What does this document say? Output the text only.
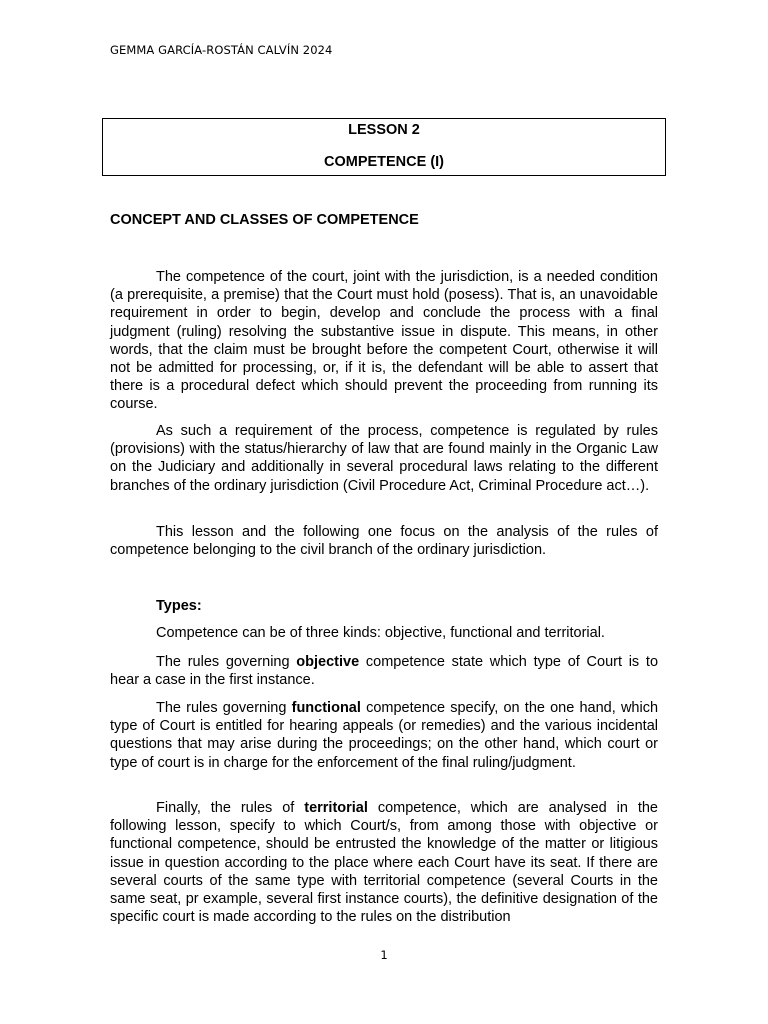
GEMMA GARCÍA-ROSTÁN CALVÍN 2024
LESSON 2
COMPETENCE (I)
CONCEPT AND CLASSES OF COMPETENCE

The competence of the court, joint with the jurisdiction, is a needed condition (a prerequisite, a premise) that the Court must hold (posess). That is, an unavoidable requirement in order to begin, develop and conclude the process with a final judgment (ruling) resolving the substantive issue in dispute. This means, in other words, that the claim must be brought before the competent Court, otherwise it will not be admitted for processing, or, if it is, the defendant will be able to assert that there is a procedural defect which should prevent the proceeding from running its course.

As such a requirement of the process, competence is regulated by rules (provisions) with the status/hierarchy of law that are found mainly in the Organic Law on the Judiciary and additionally in several procedural laws relating to the different branches of the ordinary jurisdiction (Civil Procedure Act, Criminal Procedure act…).

This lesson and the following one focus on the analysis of the rules of competence belonging to the civil branch of the ordinary jurisdiction.

Types:

Competence can be of three kinds: objective, functional and territorial.

The rules governing objective competence state which type of Court is to hear a case in the first instance.

The rules governing functional competence specify, on the one hand, which type of Court is entitled for hearing appeals (or remedies) and the various incidental questions that may arise during the proceedings; on the other hand, which court or type of court is in charge for the enforcement of the final ruling/judgment.

Finally, the rules of territorial competence, which are analysed in the following lesson, specify to which Court/s, from among those with objective or functional competence, should be entrusted the knowledge of the matter or litigious issue in question according to the place where each Court have its seat. If there are several courts of the same type with territorial competence (several Courts in the same seat, pr example, several first instance courts), the definitive designation of the specific court is made according to the rules on the distribution

1
